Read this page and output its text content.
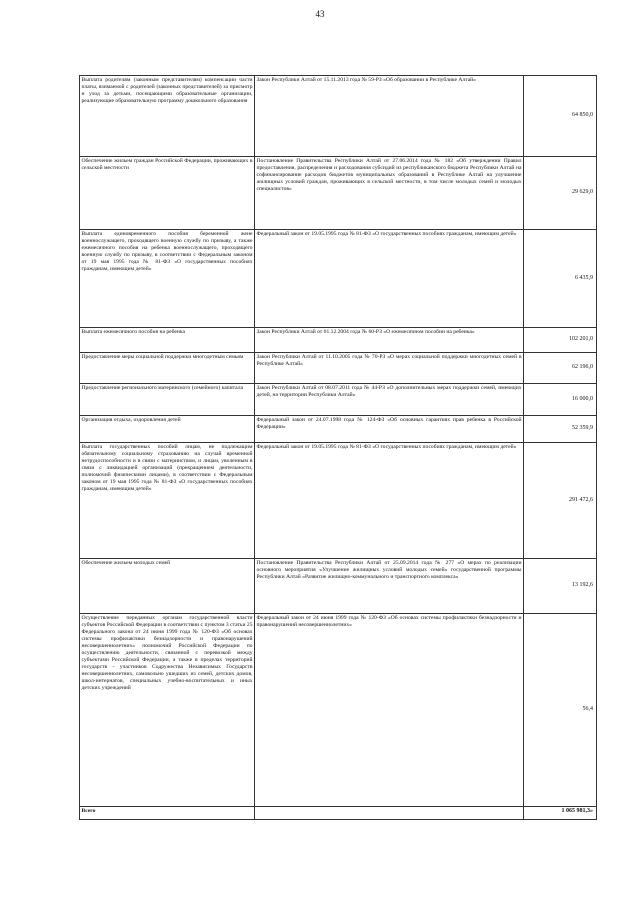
43
Выплата родителям (законным представителям) компенсации части платы, взимаемой с родителей (законных представителей) за присмотр и уход за детьми, посещающими образовательные организации, реализующие образовательную программу дошкольного образования	Закон Республики Алтай от 15.11.2013 года № 59-РЗ «Об образовании в Республике Алтай»	64 850,0
Обеспечение жильем граждан Российской Федерации, проживающих в сельской местности	Постановление Правительства Республики Алтай от 27.06.2014 года № 182 «Об утверждении Правил предоставления, распределения и расходования субсидий из республиканского бюджета Республики Алтай на софинансирование расходов бюджетов муниципальных образований в Республике Алтай на улучшение жилищных условий граждан, проживающих в сельской местности, в том числе молодых семей и молодых специалистов»	29 629,0
Выплата единовременного пособия беременной жене военнослужащего, проходящего военную службу по призыву, а также ежемесячного пособия на ребенка военнослужащего, проходящего военную службу по призыву, в соответствии с Федеральным законом от 19 мая 1995 года № 81-ФЗ «О государственных пособиях гражданам, имеющим детей»	Федеральный закон от 19.05.1995 года № 81-ФЗ «О государственных пособиях гражданам, имеющим детей»	6 435,9
Выплата ежемесячного пособия на ребенка	Закон Республики Алтай от 01.12.2004 года № 60-РЗ «О ежемесячном пособии на ребенка»	102 201,0
Предоставление меры социальной поддержки многодетным семьям	Закон Республики Алтай от 11.10.2005 года № 70-РЗ «О мерах социальной поддержки многодетных семей в Республике Алтай»	62 196,0
Предоставление регионального материнского (семейного) капитала	Закон Республики Алтай от 08.07.2011 года № 44-РЗ «О дополнительных мерах поддержки семей, имеющих детей, на территории Республики Алтай»	16 000,0
Организация отдыха, оздоровления детей	Федеральный закон от 24.07.1998 года № 124-ФЗ «Об основных гарантиях прав ребенка в Российской Федерации»	52 359,9
Выплата государственных пособий лицам, не подлежащим обязательному социальному страхованию на случай временной нетрудоспособности и в связи с материнством, и лицам, уволенным в связи с ликвидацией организаций (прекращением деятельности, полномочий физическими лицами), в соответствии с Федеральным законом от 19 мая 1995 года № 81-ФЗ «О государственных пособиях гражданам, имеющим детей»	Федеральный закон от 19.05.1995 года № 81-ФЗ «О государственных пособиях гражданам, имеющим детей»	291 472,6
Обеспечение жильем молодых семей	Постановление Правительства Республики Алтай от 25.09.2014 года № 277 «О мерах по реализации основного мероприятия «Улучшение жилищных условий молодых семей» государственной программы Республики Алтай «Развитие жилищно-коммунального и транспортного комплекса»	13 192,6
Осуществление переданных органам государственной власти субъектов Российской Федерации в соответствии с пунктом 3 статьи 25 Федерального закона от 24 июня 1999 года № 120-ФЗ «Об основах системы профилактики безнадзорности и правонарушений несовершеннолетних» полномочий Российской Федерации по осуществлению деятельности, связанной с перевозкой между субъектами Российской Федерации, а также в пределах территорий государств - участников Содружества Независимых Государств несовершеннолетних, самовольно ушедших из семей, детских домов, школ-интернатов, специальных учебно-воспитательных и иных детских учреждений	Федеральный закон от 24 июня 1999 года № 120-ФЗ «Об основах системы профилактики безнадзорности и правонарушений несовершеннолетних»	56,4
Всего		1 065 981,3»
